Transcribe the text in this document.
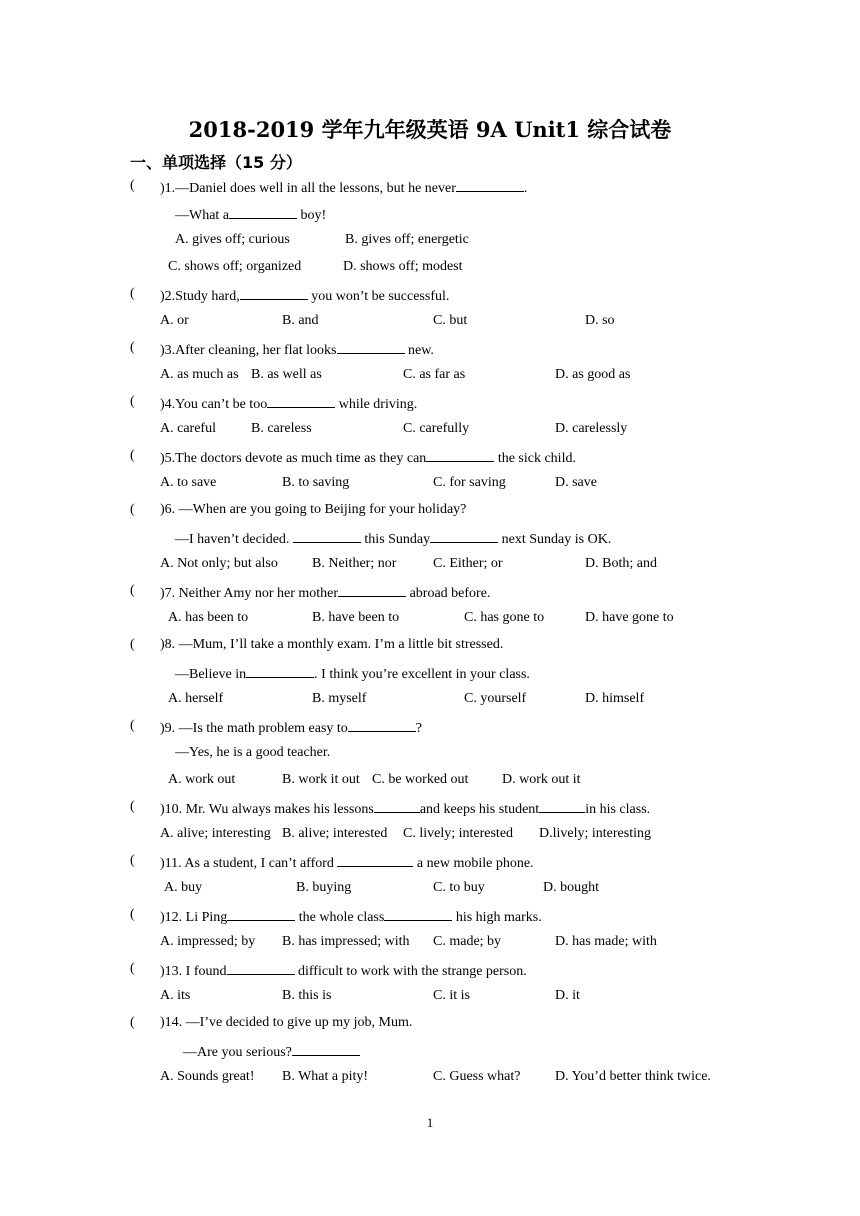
2018-2019 学年九年级英语 9A Unit1 综合试卷
一、单项选择（15 分）
( )1.—Daniel does well in all the lessons, but he never	.
—What a	boy!
A. gives off; curious	B. gives off; energetic
C. shows off; organized	D. shows off; modest
( )2.Study hard,	you won’t be successful.
A. or	B. and	C. but	D. so
( )3.After cleaning, her flat looks	new.
A. as much as B. as well as	C. as far as	D. as good as
( )4.You can’t be too	while driving.
A. careful	B. careless	C. carefully	D. carelessly
( )5.The doctors devote as much time as they can	the sick child.
A. to save	B. to saving	C. for saving	D. save
( )6. —When are you going to Beijing for your holiday?
—I haven’t decided.	this Sunday	next Sunday is OK.
A. Not only; but also B. Neither; nor	C. Either; or	D. Both; and
( )7. Neither Amy nor her mother	abroad before.
A. has been to	B. have been to	C. has gone to	D. have gone to
( )8. —Mum, I’ll take a monthly exam. I’m a little bit stressed.
—Believe in	. I think you’re excellent in your class.
A. herself	B. myself	C. yourself	D. himself
( )9. —Is the math problem easy to	?
—Yes, he is a good teacher.
A. work out	B. work it out C. be worked out D. work out it
( )10. Mr. Wu always makes his lessons	and keeps his student	in his class.
A. alive; interesting B. alive; interested C. lively; interested D.lively; interesting
( )11. As a student, I can’t afford	a new mobile phone.
A. buy	B. buying	C. to buy	D. bought
( )12. Li Ping	the whole class	his high marks.
A. impressed; by B. has impressed; with C. made; by	D. has made; with
( )13. I found	difficult to work with the strange person.
A. its	B. this is	C. it is	D. it
( )14. —I’ve decided to give up my job, Mum.
—Are you serious?
A. Sounds great! B. What a pity!	C. Guess what? D. You’d better think twice.
1
